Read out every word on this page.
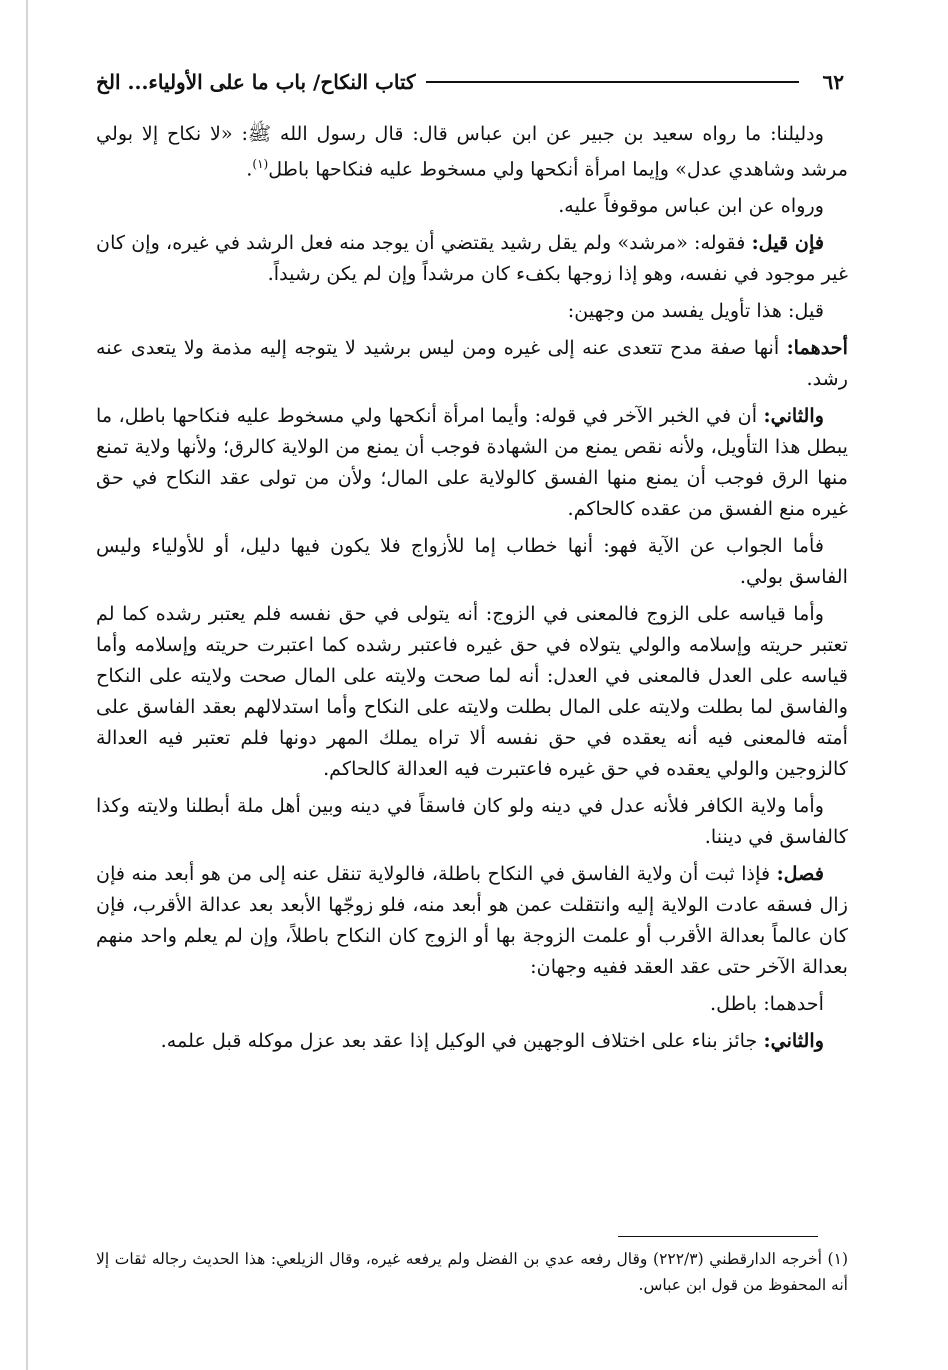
٦٢
كتاب النكاح/ باب ما على الأولياء... الخ

ودليلنا: ما رواه سعيد بن جبير عن ابن عباس قال: قال رسول الله ﷺ: «لا نكاح إلا بولي مرشد وشاهدي عدل» وإيما امرأة أنكحها ولي مسخوط عليه فنكاحها باطل$^{(١)}$.

ورواه عن ابن عباس موقوفاً عليه.

فإن قيل: فقوله: «مرشد» ولم يقل رشيد يقتضي أن يوجد منه فعل الرشد في غيره، وإن كان غير موجود في نفسه، وهو إذا زوجها بكفء كان مرشداً وإن لم يكن رشيداً.

قيل: هذا تأويل يفسد من وجهين:

أحدهما: أنها صفة مدح تتعدى عنه إلى غيره ومن ليس برشيد لا يتوجه إليه مذمة ولا يتعدى عنه رشد.

والثاني: أن في الخبر الآخر في قوله: وأيما امرأة أنكحها ولي مسخوط عليه فنكاحها باطل، ما يبطل هذا التأويل، ولأنه نقص يمنع من الشهادة فوجب أن يمنع من الولاية كالرق؛ ولأنها ولاية تمنع منها الرق فوجب أن يمنع منها الفسق كالولاية على المال؛ ولأن من تولى عقد النكاح في حق غيره منع الفسق من عقده كالحاكم.

فأما الجواب عن الآية فهو: أنها خطاب إما للأزواج فلا يكون فيها دليل، أو للأولياء وليس الفاسق بولي.

وأما قياسه على الزوج فالمعنى في الزوج: أنه يتولى في حق نفسه فلم يعتبر رشده كما لم تعتبر حريته وإسلامه والولي يتولاه في حق غيره فاعتبر رشده كما اعتبرت حريته وإسلامه وأما قياسه على العدل فالمعنى في العدل: أنه لما صحت ولايته على المال صحت ولايته على النكاح والفاسق لما بطلت ولايته على المال بطلت ولايته على النكاح وأما استدلالهم بعقد الفاسق على أمته فالمعنى فيه أنه يعقده في حق نفسه ألا تراه يملك المهر دونها فلم تعتبر فيه العدالة كالزوجين والولي يعقده في حق غيره فاعتبرت فيه العدالة كالحاكم.

وأما ولاية الكافر فلأنه عدل في دينه ولو كان فاسقاً في دينه وبين أهل ملة أبطلنا ولايته وكذا كالفاسق في ديننا.

فصل: فإذا ثبت أن ولاية الفاسق في النكاح باطلة، فالولاية تنقل عنه إلى من هو أبعد منه فإن زال فسقه عادت الولاية إليه وانتقلت عمن هو أبعد منه، فلو زوجّها الأبعد بعد عدالة الأقرب، فإن كان عالماً بعدالة الأقرب أو علمت الزوجة بها أو الزوج كان النكاح باطلاً، وإن لم يعلم واحد منهم بعدالة الآخر حتى عقد العقد ففيه وجهان:

أحدهما: باطل.

والثاني: جائز بناء على اختلاف الوجهين في الوكيل إذا عقد بعد عزل موكله قبل علمه.

(١) أخرجه الدارقطني (٢٢٢/٣) وقال رفعه عدي بن الفضل ولم يرفعه غيره، وقال الزيلعي: هذا الحديث رجاله ثقات إلا أنه المحفوظ من قول ابن عباس.
